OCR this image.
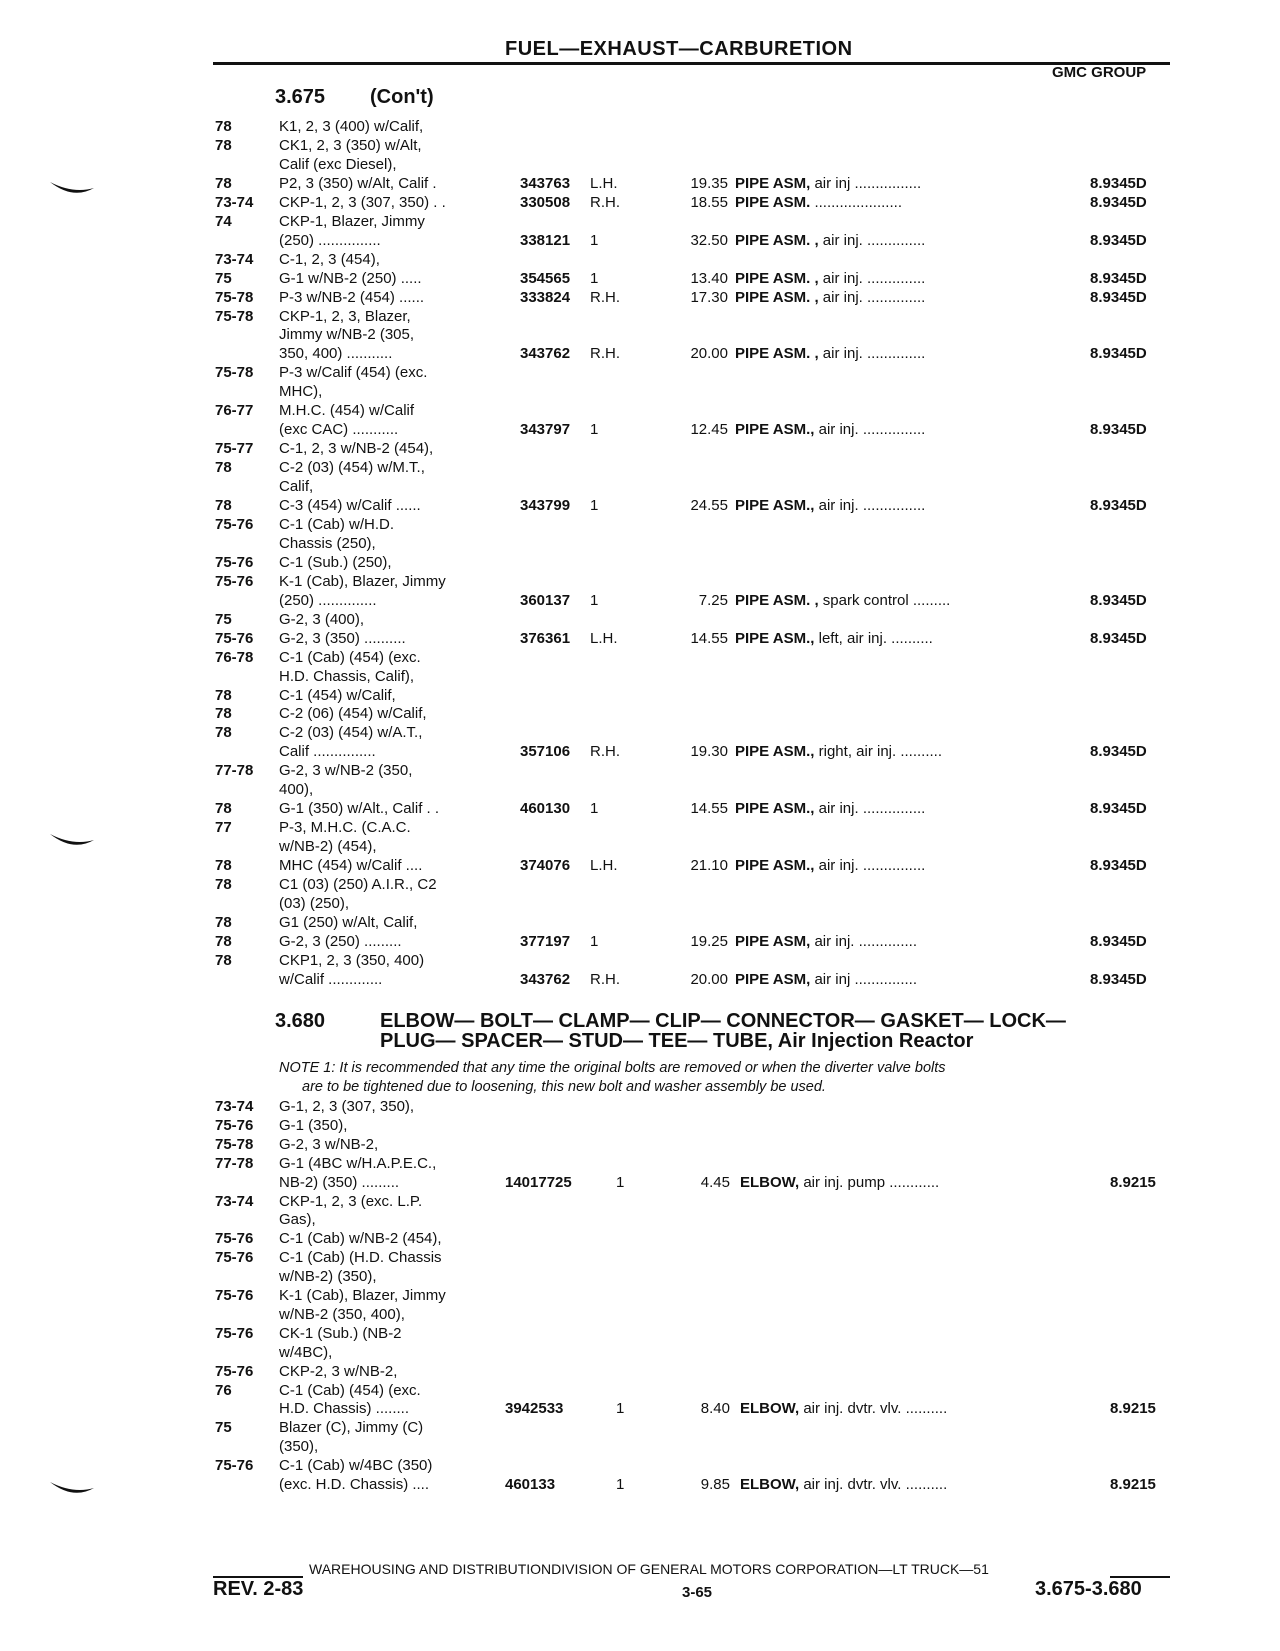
FUEL—EXHAUST—CARBURETION
GMC GROUP
3.675 (Con't)
78	K1, 2, 3 (400) w/Calif,
78	CK1, 2, 3 (350) w/Alt,
Calif (exc Diesel),
78	P2, 3 (350) w/Alt, Calif .	343763 L.H.	19.35 PIPE ASM, air inj ................	8.9345D
73-74 CKP-1, 2, 3 (307, 350) . .	330508 R.H.	18.55 PIPE ASM. .....................	8.9345D
74	CKP-1, Blazer, Jimmy
(250) ...............	338121 1	32.50 PIPE ASM. , air inj. ..............	8.9345D
73-74 C-1, 2, 3 (454),
75	G-1 w/NB-2 (250) .....	354565 1	13.40 PIPE ASM. , air inj. ..............	8.9345D
75-78 P-3 w/NB-2 (454) ......	333824 R.H.	17.30 PIPE ASM. , air inj. ..............	8.9345D
75-78 CKP-1, 2, 3, Blazer,
Jimmy w/NB-2 (305,
350, 400) ...........	343762 R.H.	20.00 PIPE ASM. , air inj. ..............	8.9345D
75-78 P-3 w/Calif (454) (exc.
MHC),
76-77 M.H.C. (454) w/Calif
(exc CAC) ...........	343797 1	12.45 PIPE ASM., air inj. ...............	8.9345D
75-77 C-1, 2, 3 w/NB-2 (454),
78	C-2 (03) (454) w/M.T.,
Calif,
78	C-3 (454) w/Calif ......	343799 1	24.55 PIPE ASM., air inj. ...............	8.9345D
75-76 C-1 (Cab) w/H.D.
Chassis (250),
75-76 C-1 (Sub.) (250),
75-76 K-1 (Cab), Blazer, Jimmy
(250) ..............	360137 1	7.25 PIPE ASM. , spark control .........	8.9345D
75	G-2, 3 (400),
75-76 G-2, 3 (350) ..........	376361 L.H.	14.55 PIPE ASM., left, air inj. ..........	8.9345D
76-78 C-1 (Cab) (454) (exc.
H.D. Chassis, Calif),
78	C-1 (454) w/Calif,
78	C-2 (06) (454) w/Calif,
78	C-2 (03) (454) w/A.T.,
Calif ...............	357106 R.H.	19.30 PIPE ASM., right, air inj. ..........	8.9345D
77-78 G-2, 3 w/NB-2 (350,
400),
78	G-1 (350) w/Alt., Calif . .	460130 1	14.55 PIPE ASM., air inj. ...............	8.9345D
77	P-3, M.H.C. (C.A.C.
w/NB-2) (454),
78	MHC (454) w/Calif ....	374076 L.H.	21.10 PIPE ASM., air inj. ...............	8.9345D
78	C1 (03) (250) A.I.R., C2
(03) (250),
78	G1 (250) w/Alt, Calif,
78	G-2, 3 (250) .........	377197 1	19.25 PIPE ASM, air inj. ..............	8.9345D
78	CKP1, 2, 3 (350, 400)
w/Calif .............	343762 R.H.	20.00 PIPE ASM, air inj ...............	8.9345D
3.680	ELBOW— BOLT— CLAMP— CLIP— CONNECTOR— GASKET— LOCK—
PLUG— SPACER— STUD— TEE— TUBE, Air Injection Reactor
NOTE 1: It is recommended that any time the original bolts are removed or when the diverter valve bolts
are to be tightened due to loosening, this new bolt and washer assembly be used.
73-74 G-1, 2, 3 (307, 350),
75-76 G-1 (350),
75-78 G-2, 3 w/NB-2,
77-78 G-1 (4BC w/H.A.P.E.C.,
NB-2) (350) .........	14017725	1	4.45 ELBOW, air inj. pump ............	8.9215
73-74 CKP-1, 2, 3 (exc. L.P.
Gas),
75-76 C-1 (Cab) w/NB-2 (454),
75-76 C-1 (Cab) (H.D. Chassis
w/NB-2) (350),
75-76 K-1 (Cab), Blazer, Jimmy
w/NB-2 (350, 400),
75-76 CK-1 (Sub.) (NB-2
w/4BC),
75-76 CKP-2, 3 w/NB-2,
76	C-1 (Cab) (454) (exc.
H.D. Chassis) ........	3942533	1	8.40 ELBOW, air inj. dvtr. vlv. ..........	8.9215
75	Blazer (C), Jimmy (C)
(350),
75-76 C-1 (Cab) w/4BC (350)
(exc. H.D. Chassis) ....	460133	1	9.85 ELBOW, air inj. dvtr. vlv. ..........	8.9215
WAREHOUSING AND DISTRIBUTIONDIVISION OF GENERAL MOTORS CORPORATION—LT TRUCK—51
REV. 2-83	3-65	3.675-3.680
